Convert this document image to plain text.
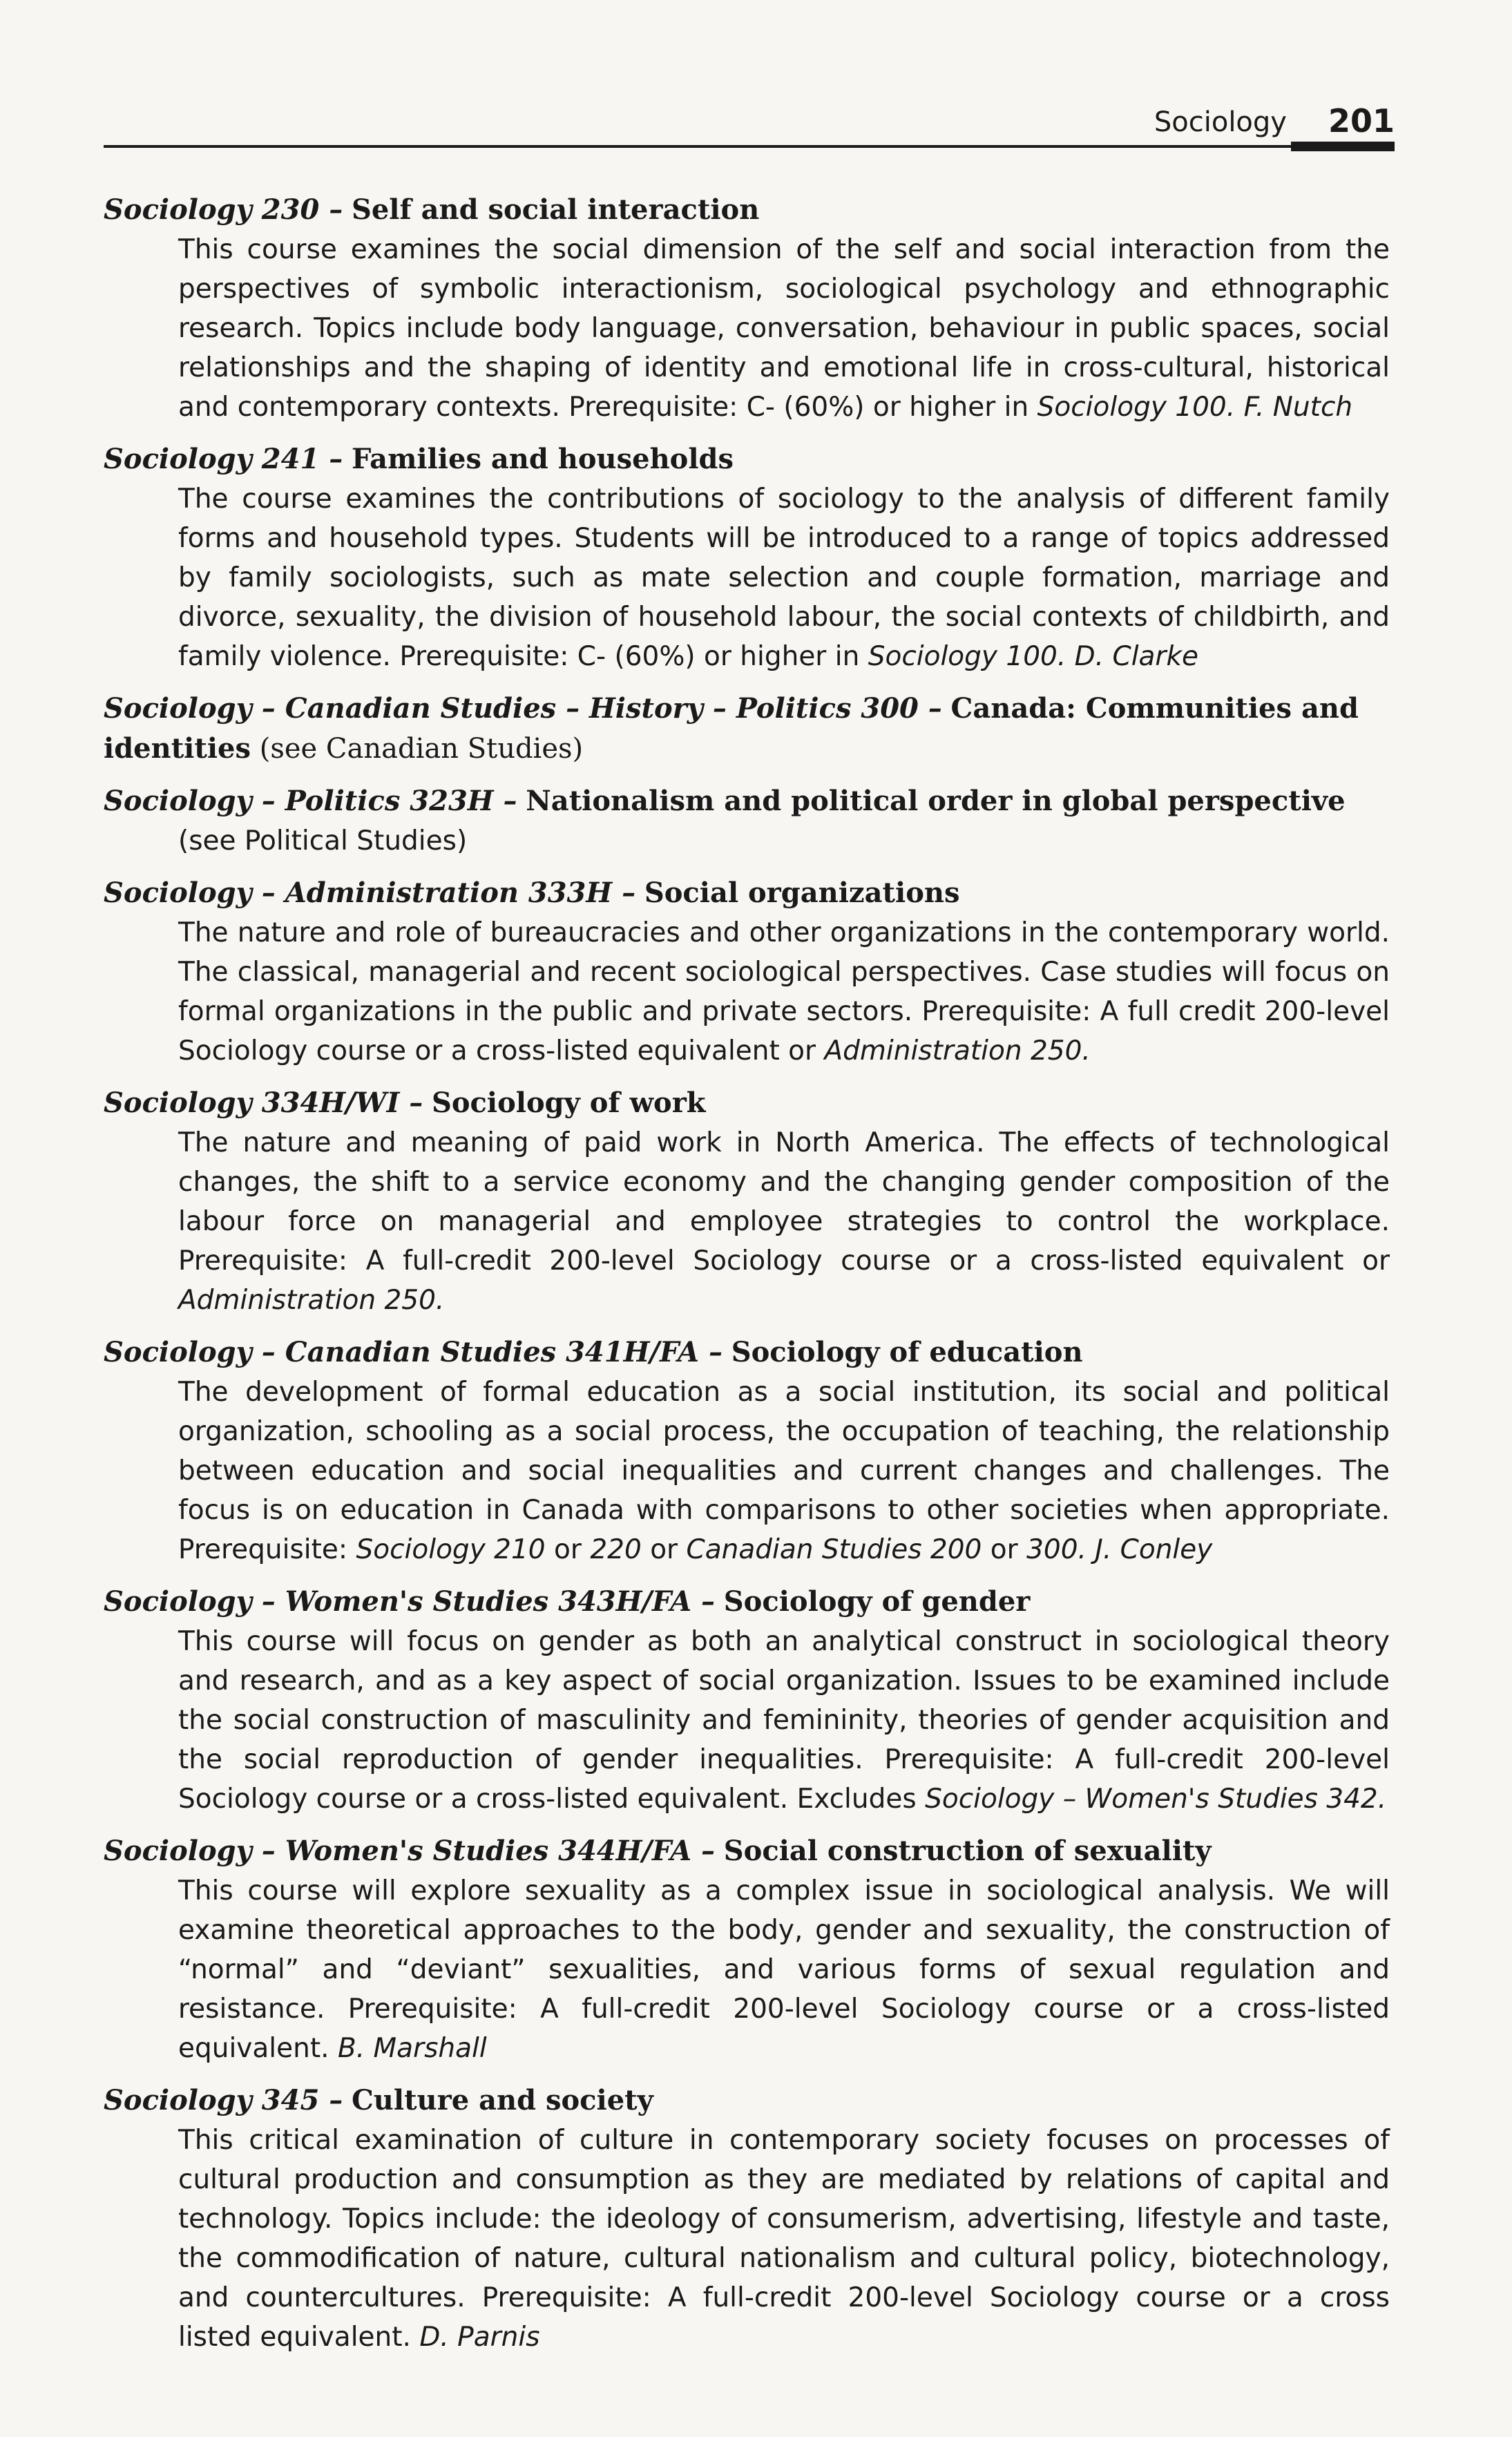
Sociology 201
Sociology 230 – Self and social interaction
This course examines the social dimension of the self and social interaction from the perspectives of symbolic interactionism, sociological psychology and ethnographic research. Topics include body language, conversation, behaviour in public spaces, social relationships and the shaping of identity and emotional life in cross-cultural, historical and contemporary contexts. Prerequisite: C- (60%) or higher in Sociology 100. F. Nutch
Sociology 241 – Families and households
The course examines the contributions of sociology to the analysis of different family forms and household types. Students will be introduced to a range of topics addressed by family sociologists, such as mate selection and couple formation, marriage and divorce, sexuality, the division of household labour, the social contexts of childbirth, and family violence. Prerequisite: C- (60%) or higher in Sociology 100. D. Clarke
Sociology – Canadian Studies – History – Politics 300 – Canada: Communities and identities (see Canadian Studies)
Sociology – Politics 323H – Nationalism and political order in global perspective
(see Political Studies)
Sociology – Administration 333H – Social organizations
The nature and role of bureaucracies and other organizations in the contemporary world. The classical, managerial and recent sociological perspectives. Case studies will focus on formal organizations in the public and private sectors. Prerequisite: A full credit 200-level Sociology course or a cross-listed equivalent or Administration 250.
Sociology 334H/WI – Sociology of work
The nature and meaning of paid work in North America. The effects of technological changes, the shift to a service economy and the changing gender composition of the labour force on managerial and employee strategies to control the workplace. Prerequisite: A full-credit 200-level Sociology course or a cross-listed equivalent or Administration 250.
Sociology – Canadian Studies 341H/FA – Sociology of education
The development of formal education as a social institution, its social and political organization, schooling as a social process, the occupation of teaching, the relationship between education and social inequalities and current changes and challenges. The focus is on education in Canada with comparisons to other societies when appropriate. Prerequisite: Sociology 210 or 220 or Canadian Studies 200 or 300. J. Conley
Sociology – Women's Studies 343H/FA – Sociology of gender
This course will focus on gender as both an analytical construct in sociological theory and research, and as a key aspect of social organization. Issues to be examined include the social construction of masculinity and femininity, theories of gender acquisition and the social reproduction of gender inequalities. Prerequisite: A full-credit 200-level Sociology course or a cross-listed equivalent. Excludes Sociology – Women's Studies 342.
Sociology – Women's Studies 344H/FA – Social construction of sexuality
This course will explore sexuality as a complex issue in sociological analysis. We will examine theoretical approaches to the body, gender and sexuality, the construction of “normal” and “deviant” sexualities, and various forms of sexual regulation and resistance. Prerequisite: A full-credit 200-level Sociology course or a cross-listed equivalent. B. Marshall
Sociology 345 – Culture and society
This critical examination of culture in contemporary society focuses on processes of cultural production and consumption as they are mediated by relations of capital and technology. Topics include: the ideology of consumerism, advertising, lifestyle and taste, the commodification of nature, cultural nationalism and cultural policy, biotechnology, and countercultures. Prerequisite: A full-credit 200-level Sociology course or a cross listed equivalent. D. Parnis
